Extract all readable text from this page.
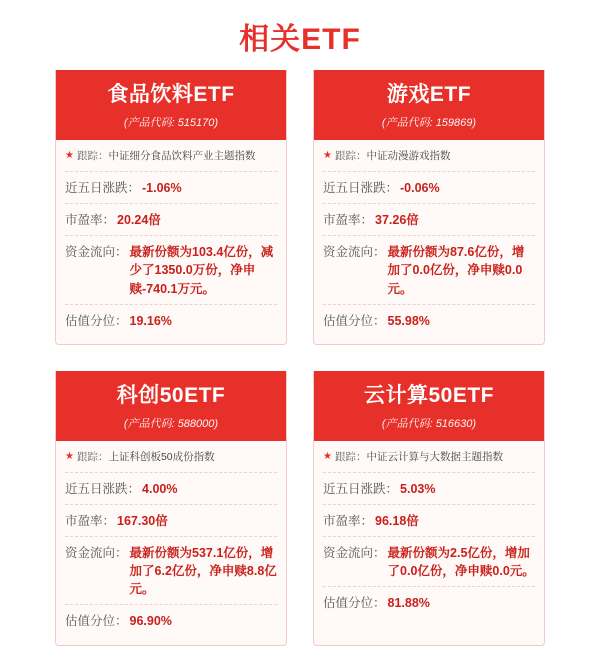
相关ETF
食品饮料ETF
(产品代码: 515170)
★ 跟踪： 中证细分食品饮料产业主题指数
近五日涨跌： -1.06%
市盈率： 20.24倍
资金流向： 最新份额为103.4亿份，减少了1350.0万份，净申赎-740.1万元。
估值分位： 19.16%
游戏ETF
(产品代码: 159869)
★ 跟踪： 中证动漫游戏指数
近五日涨跌： -0.06%
市盈率： 37.26倍
资金流向： 最新份额为87.6亿份，增加了0.0亿份，净申赎0.0元。
估值分位： 55.98%
科创50ETF
(产品代码: 588000)
★ 跟踪： 上证科创板50成份指数
近五日涨跌： 4.00%
市盈率： 167.30倍
资金流向： 最新份额为537.1亿份，增加了6.2亿份，净申赎8.8亿元。
估值分位： 96.90%
云计算50ETF
(产品代码: 516630)
★ 跟踪： 中证云计算与大数据主题指数
近五日涨跌： 5.03%
市盈率： 96.18倍
资金流向： 最新份额为2.5亿份，增加了0.0亿份，净申赎0.0元。
估值分位： 81.88%
